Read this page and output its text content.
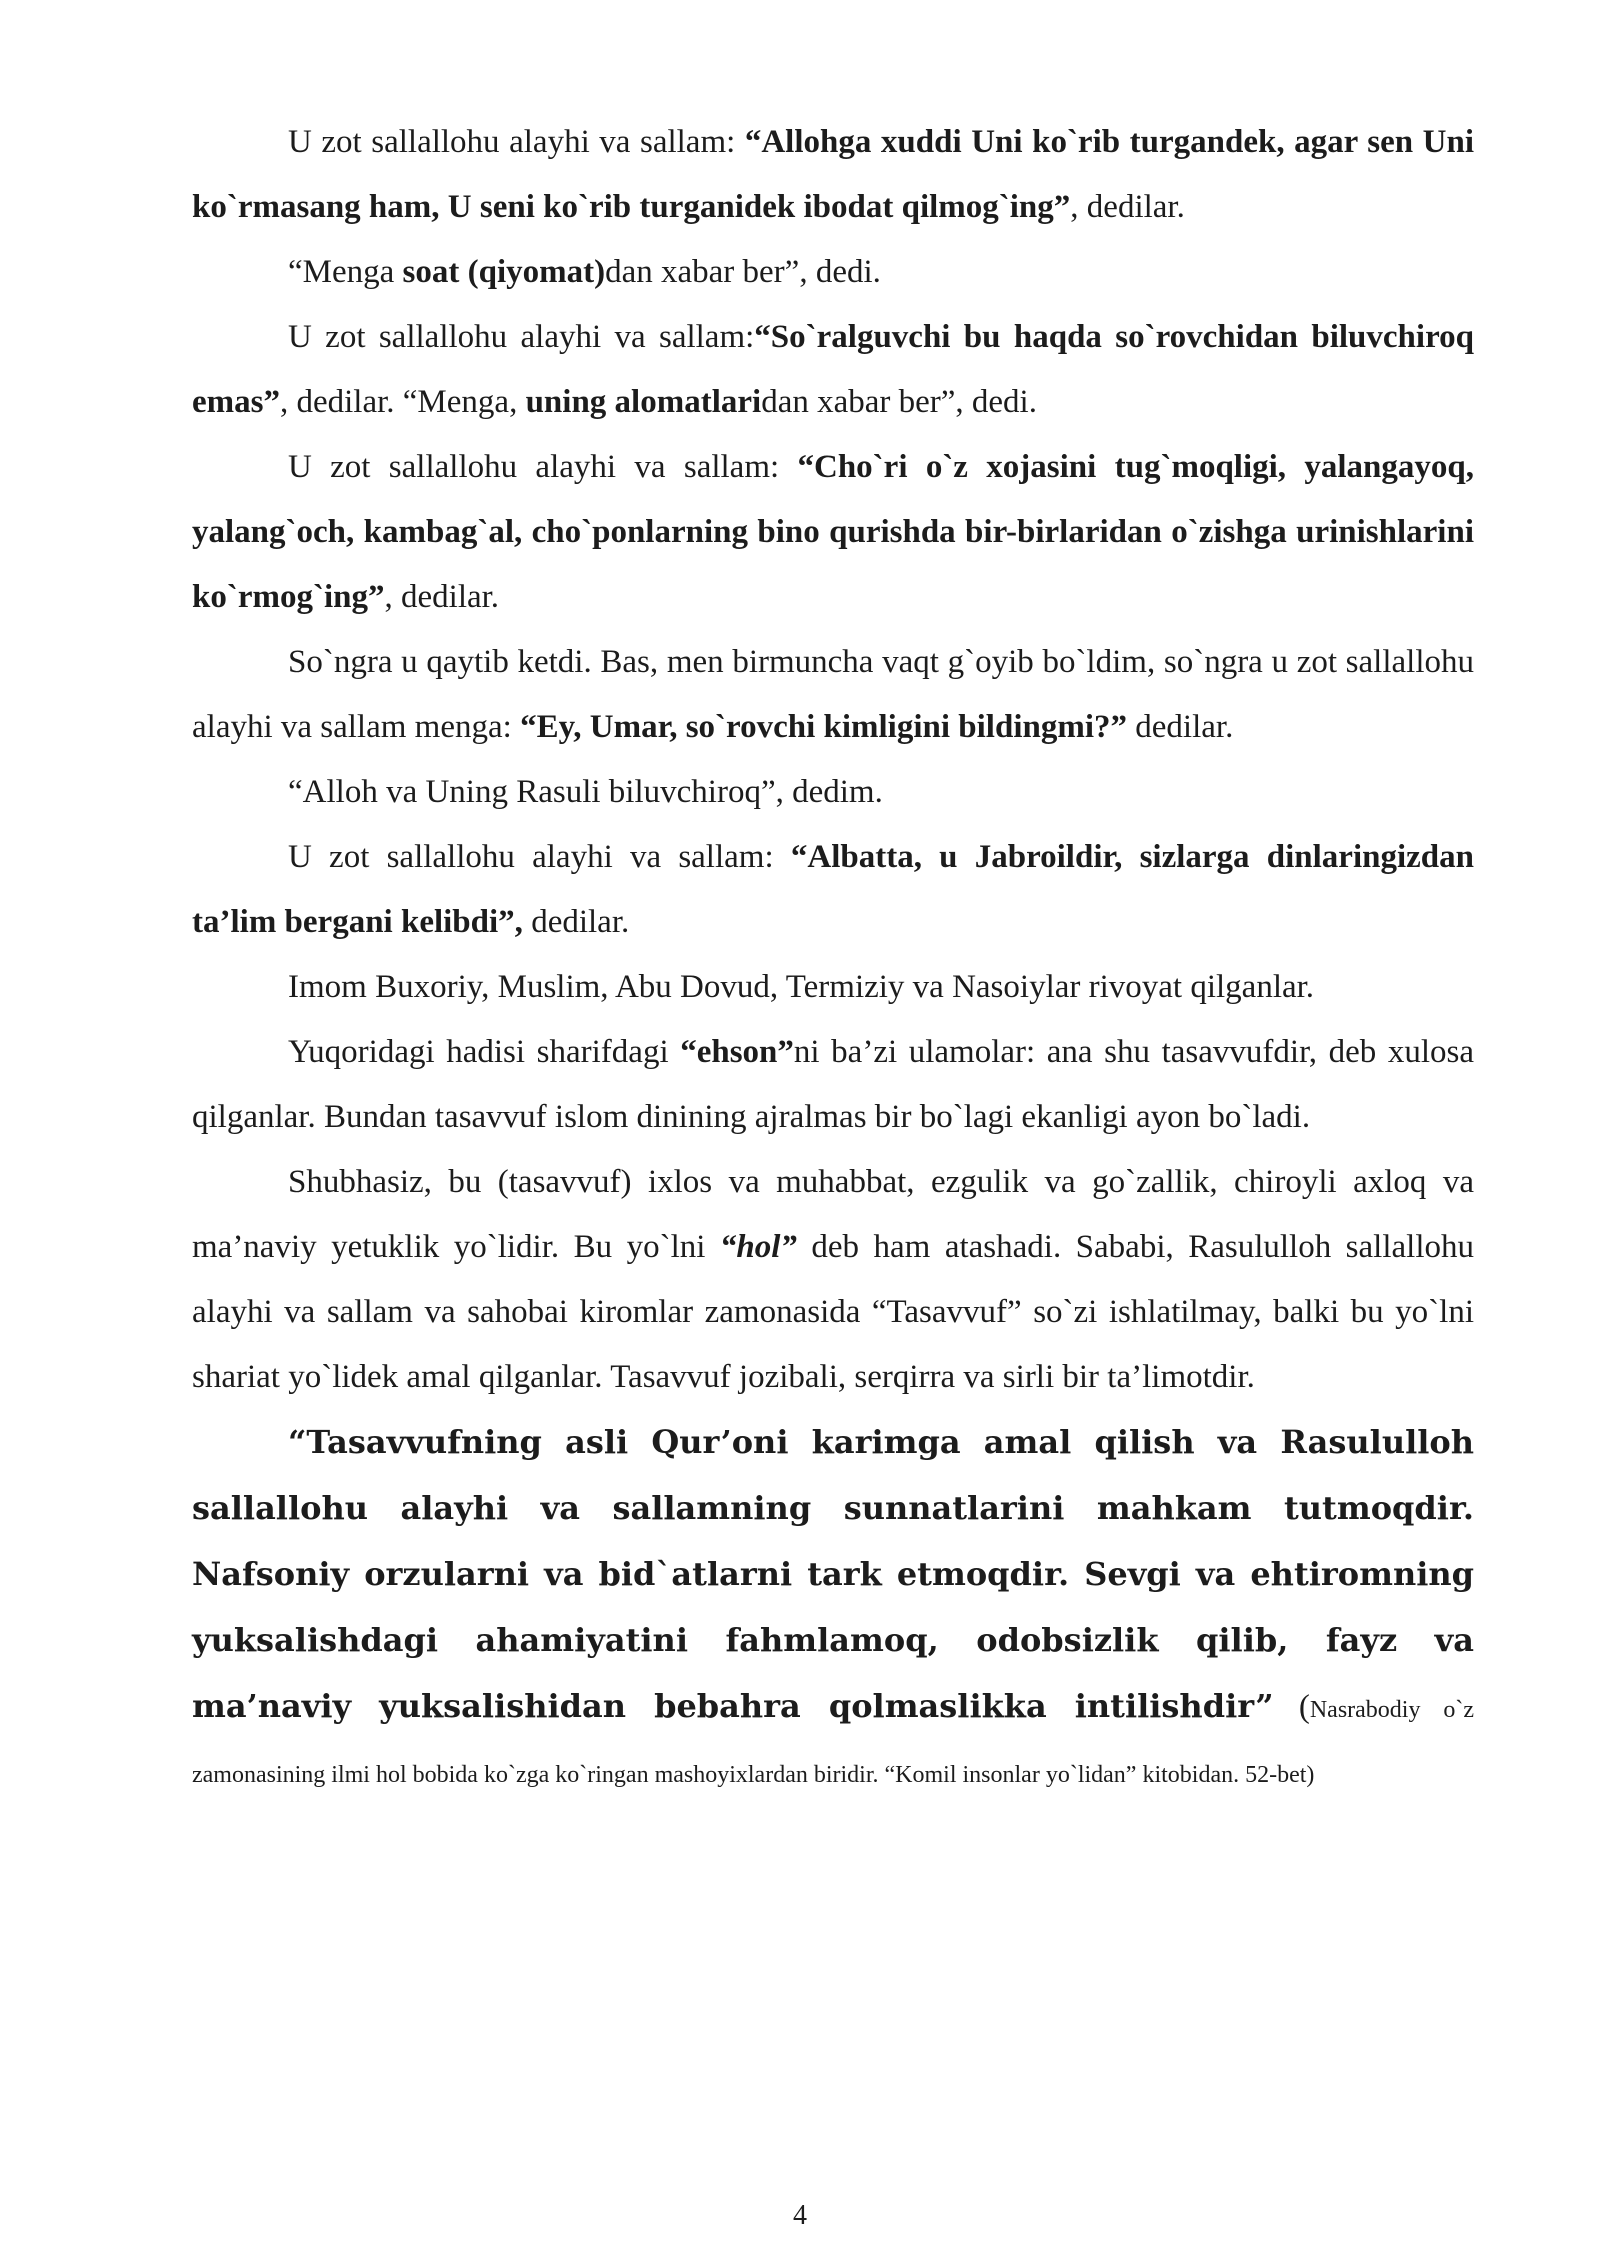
U zot sallallohu alayhi va sallam: “Allohga xuddi Uni ko`rib turgandek, agar sen Uni ko`rmasang ham, U seni ko`rib turganidek ibodat qilmog`ing”, dedilar.

“Menga soat (qiyomat)dan xabar ber”, dedi.

U zot sallallohu alayhi va sallam:“So`ralguvchi bu haqda so`rovchidan biluvchiroq emas”, dedilar. “Menga, uning alomatlaridan xabar ber”, dedi.

U zot sallallohu alayhi va sallam: “Cho`ri o`z xojasini tug`moqligi, yalangayoq, yalang`och, kambag`al, cho`ponlarning bino qurishda bir-birlaridan o`zishga urinishlarini ko`rmog`ing”, dedilar.

So`ngra u qaytib ketdi. Bas, men birmuncha vaqt g`oyib bo`ldim, so`ngra u zot sallallohu alayhi va sallam menga: “Ey, Umar, so`rovchi kimligini bildingmi?” dedilar.

“Alloh va Uning Rasuli biluvchiroq”, dedim.

U zot sallallohu alayhi va sallam: “Albatta, u Jabroildir, sizlarga dinlaringizdan ta’lim bergani kelibdi”, dedilar.

Imom Buxoriy, Muslim, Abu Dovud, Termiziy va Nasoiylar rivoyat qilganlar.

Yuqoridagi hadisi sharifdagi “ehson”ni ba’zi ulamolar: ana shu tasavvufdir, deb xulosa qilganlar. Bundan tasavvuf islom dinining ajralmas bir bo`lagi ekanligi ayon bo`ladi.

Shubhasiz, bu (tasavvuf) ixlos va muhabbat, ezgulik va go`zallik, chiroyli axloq va ma’naviy yetuklik yo`lidir. Bu yo`lni “hol” deb ham atashadi. Sababi, Rasululloh sallallohu alayhi va sallam va sahobai kiromlar zamonasida “Tasavvuf” so`zi ishlatilmay, balki bu yo`lni shariat yo`lidek amal qilganlar. Tasavvuf jozibali, serqirra va sirli bir ta’limotdir.

“Tasavvufning asli Qur’oni karimga amal qilish va Rasululloh sallallohu alayhi va sallamning sunnatlarini mahkam tutmoqdir. Nafsoniy orzularni va bid`atlarni tark etmoqdir. Sevgi va ehtiromning yuksalishdagi ahamiyatini fahmlamoq, odobsizlik qilib, fayz va ma’naviy yuksalishidan bebahra qolmaslikka intilishdir” (Nasrabodiy o`z zamonasining ilmi hol bobida ko`zga ko`ringan mashoyixlardan biridir. “Komil insonlar yo`lidan” kitobidan. 52-bet)

4
